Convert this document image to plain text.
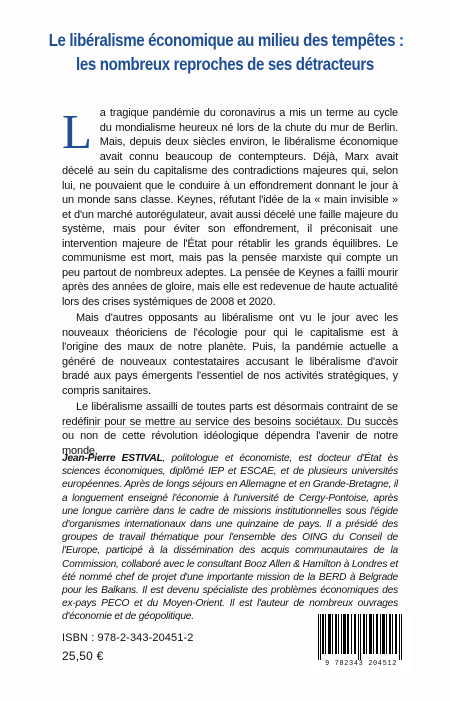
Le libéralisme économique au milieu des tempêtes :
les nombreux reproches de ses détracteurs

La tragique pandémie du coronavirus a mis un terme au cycle du mondialisme heureux né lors de la chute du mur de Berlin. Mais, depuis deux siècles environ, le libéralisme économique avait connu beaucoup de contempteurs. Déjà, Marx avait décelé au sein du capitalisme des contradictions majeures qui, selon lui, ne pouvaient que le conduire à un effondrement donnant le jour à un monde sans classe. Keynes, réfutant l'idée de la « main invisible » et d'un marché autorégulateur, avait aussi décelé une faille majeure du système, mais pour éviter son effondrement, il préconisait une intervention majeure de l'État pour rétablir les grands équilibres. Le communisme est mort, mais pas la pensée marxiste qui compte un peu partout de nombreux adeptes. La pensée de Keynes a failli mourir après des années de gloire, mais elle est redevenue de haute actualité lors des crises systémiques de 2008 et 2020.

Mais d'autres opposants au libéralisme ont vu le jour avec les nouveaux théoriciens de l'écologie pour qui le capitalisme est à l'origine des maux de notre planète. Puis, la pandémie actuelle a généré de nouveaux contestataires accusant le libéralisme d'avoir bradé aux pays émergents l'essentiel de nos activités stratégiques, y compris sanitaires.

Le libéralisme assailli de toutes parts est désormais contraint de se redéfinir pour se mettre au service des besoins sociétaux. Du succès ou non de cette révolution idéologique dépendra l'avenir de notre monde.

Jean-Pierre ESTIVAL, politologue et économiste, est docteur d'État ès sciences économiques, diplômé IEP et ESCAE, et de plusieurs universités européennes. Après de longs séjours en Allemagne et en Grande-Bretagne, il a longuement enseigné l'économie à l'université de Cergy-Pontoise, après une longue carrière dans le cadre de missions institutionnelles sous l'égide d'organismes internationaux dans une quinzaine de pays. Il a présidé des groupes de travail thématique pour l'ensemble des OING du Conseil de l'Europe, participé à la dissémination des acquis communautaires de la Commission, collaboré avec le consultant Booz Allen & Hamilton à Londres et été nommé chef de projet d'une importante mission de la BERD à Belgrade pour les Balkans. Il est devenu spécialiste des problèmes économiques des ex-pays PECO et du Moyen-Orient. Il est l'auteur de nombreux ouvrages d'économie et de géopolitique.

ISBN : 978-2-343-20451-2
25,50 €
9 782343 204512
